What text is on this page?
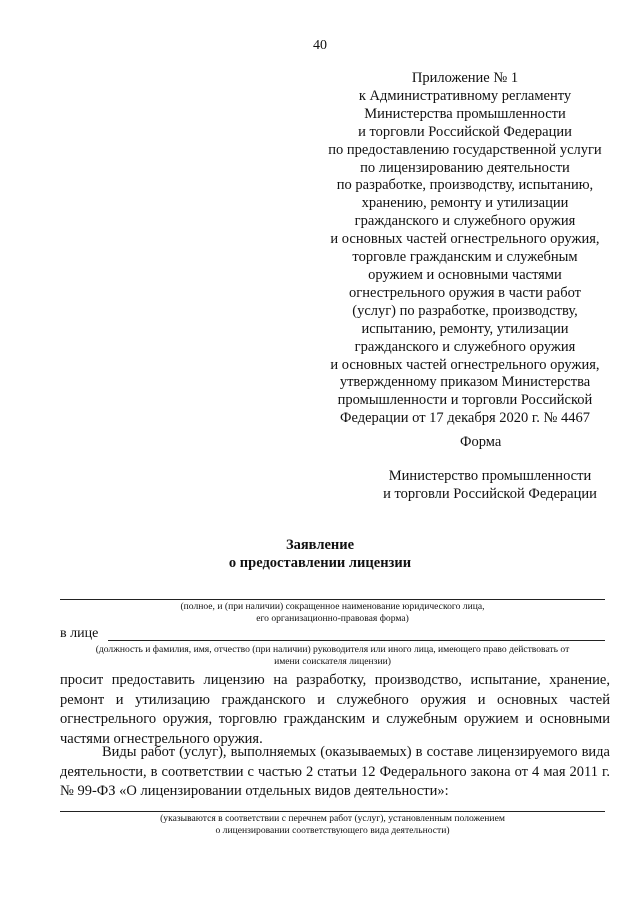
40
Приложение № 1
к Административному регламенту
Министерства промышленности
и торговли Российской Федерации
по предоставлению государственной услуги
по лицензированию деятельности
по разработке, производству, испытанию,
хранению, ремонту и утилизации
гражданского и служебного оружия
и основных частей огнестрельного оружия,
торговле гражданским и служебным
оружием и основными частями
огнестрельного оружия в части работ
(услуг) по разработке, производству,
испытанию, ремонту, утилизации
гражданского и служебного оружия
и основных частей огнестрельного оружия,
утвержденному приказом Министерства
промышленности и торговли Российской
Федерации от 17 декабря 2020 г. № 4467
Форма
Министерство промышленности
и торговли Российской Федерации
Заявление
о предоставлении лицензии
(полное, и (при наличии) сокращенное наименование юридического лица,
его организационно-правовая форма)
в лице
(должность и фамилия, имя, отчество (при наличии) руководителя или иного лица, имеющего право действовать от
имени соискателя лицензии)
просит предоставить лицензию на разработку, производство, испытание, хранение, ремонт и утилизацию гражданского и служебного оружия и основных частей огнестрельного оружия, торговлю гражданским и служебным оружием и основными частями огнестрельного оружия.
Виды работ (услуг), выполняемых (оказываемых) в составе лицензируемого вида деятельности, в соответствии с частью 2 статьи 12 Федерального закона от 4 мая 2011 г. № 99-ФЗ «О лицензировании отдельных видов деятельности»:
(указываются в соответствии с перечнем работ (услуг), установленным положением
о лицензировании соответствующего вида деятельности)
